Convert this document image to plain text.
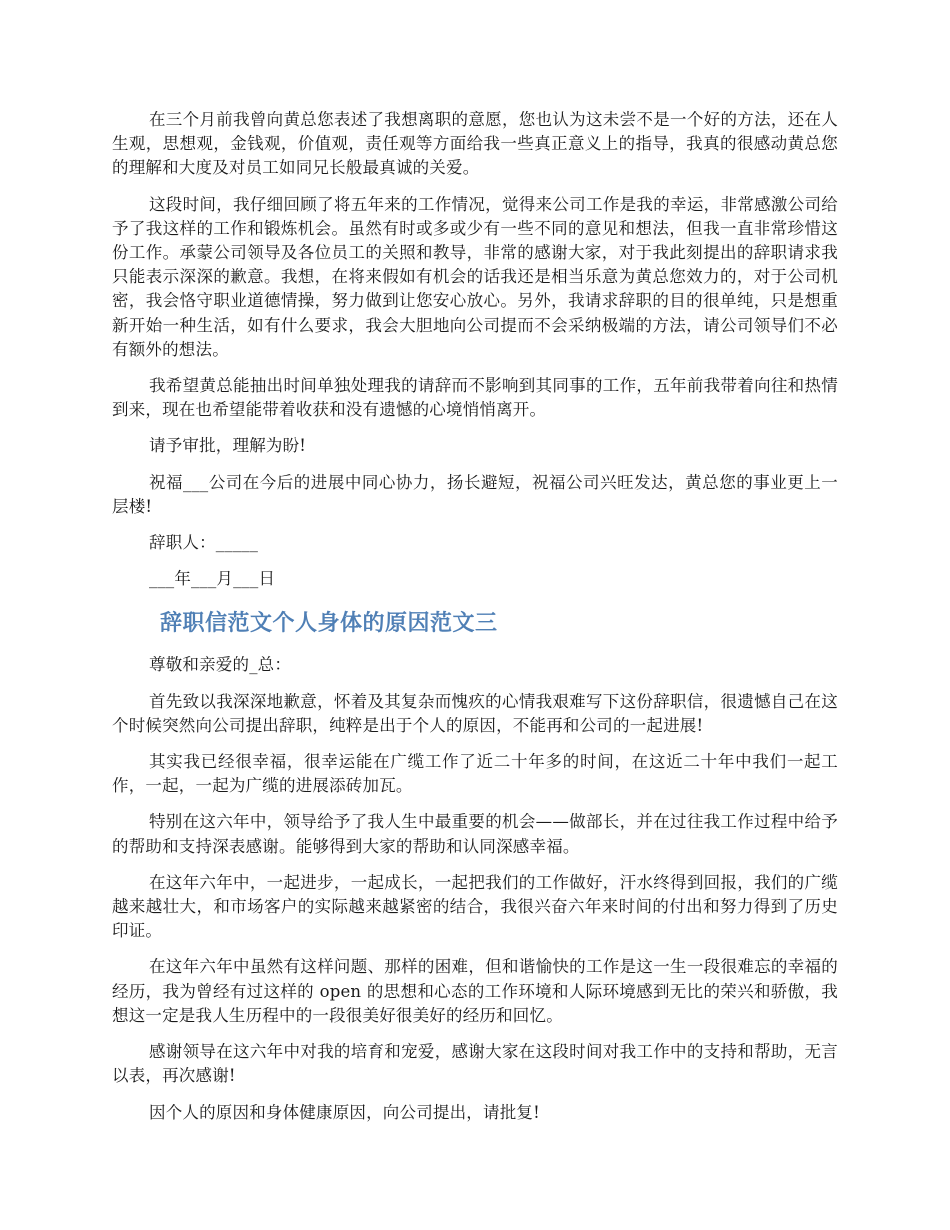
在三个月前我曾向黄总您表述了我想离职的意愿，您也认为这未尝不是一个好的方法，还在人生观，思想观，金钱观，价值观，责任观等方面给我一些真正意义上的指导，我真的很感动黄总您的理解和大度及对员工如同兄长般最真诚的关爱。

这段时间，我仔细回顾了将五年来的工作情况，觉得来公司工作是我的幸运，非常感激公司给予了我这样的工作和锻炼机会。虽然有时或多或少有一些不同的意见和想法，但我一直非常珍惜这份工作。承蒙公司领导及各位员工的关照和教导，非常的感谢大家，对于我此刻提出的辞职请求我只能表示深深的歉意。我想，在将来假如有机会的话我还是相当乐意为黄总您效力的，对于公司机密，我会恪守职业道德情操，努力做到让您安心放心。另外，我请求辞职的目的很单纯，只是想重新开始一种生活，如有什么要求，我会大胆地向公司提而不会采纳极端的方法，请公司领导们不必有额外的想法。

我希望黄总能抽出时间单独处理我的请辞而不影响到其同事的工作，五年前我带着向往和热情到来，现在也希望能带着收获和没有遗憾的心境悄悄离开。

请予审批，理解为盼!

祝福___公司在今后的进展中同心协力，扬长避短，祝福公司兴旺发达，黄总您的事业更上一层楼!

辞职人：_____

___年___月___日

辞职信范文个人身体的原因范文三

尊敬和亲爱的_总：

首先致以我深深地歉意，怀着及其复杂而愧疚的心情我艰难写下这份辞职信，很遗憾自己在这个时候突然向公司提出辞职，纯粹是出于个人的原因，不能再和公司的一起进展!

其实我已经很幸福，很幸运能在广缆工作了近二十年多的时间，在这近二十年中我们一起工作，一起，一起为广缆的进展添砖加瓦。

特别在这六年中，领导给予了我人生中最重要的机会——做部长，并在过往我工作过程中给予的帮助和支持深表感谢。能够得到大家的帮助和认同深感幸福。

在这年六年中，一起进步，一起成长，一起把我们的工作做好，汗水终得到回报，我们的广缆越来越壮大，和市场客户的实际越来越紧密的结合，我很兴奋六年来时间的付出和努力得到了历史印证。

在这年六年中虽然有这样问题、那样的困难，但和谐愉快的工作是这一生一段很难忘的幸福的经历，我为曾经有过这样的 open 的思想和心态的工作环境和人际环境感到无比的荣兴和骄傲，我想这一定是我人生历程中的一段很美好很美好的经历和回忆。

感谢领导在这六年中对我的培育和宠爱，感谢大家在这段时间对我工作中的支持和帮助，无言以表，再次感谢!

因个人的原因和身体健康原因，向公司提出，请批复!
